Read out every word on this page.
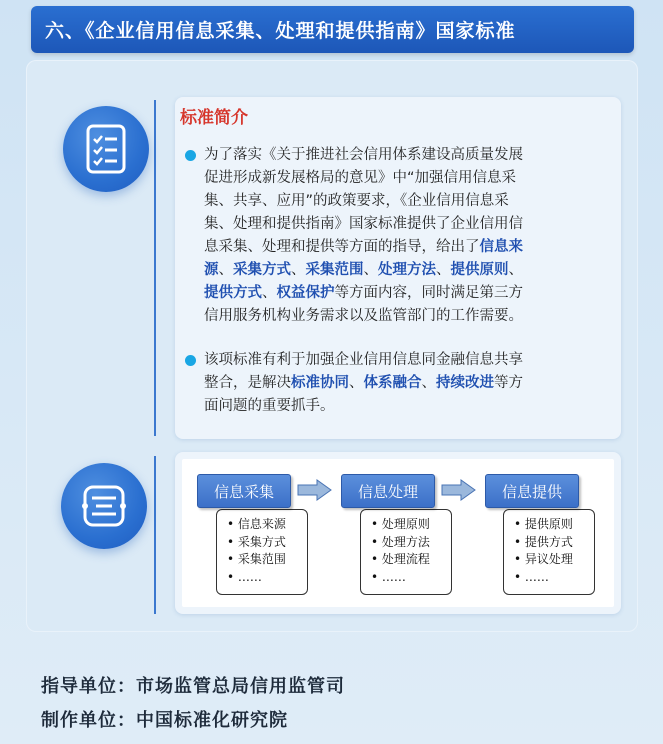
六、《企业信用信息采集、处理和提供指南》国家标准
标准简介
为了落实《关于推进社会信用体系建设高质量发展
促进形成新发展格局的意见》中“加强信用信息采
集、共享、应用”的政策要求，《企业信用信息采
集、处理和提供指南》国家标准提供了企业信用信
息采集、处理和提供等方面的指导，给出了信息来
源、采集方式、采集范围、处理方法、提供原则、
提供方式、权益保护等方面内容，同时满足第三方
信用服务机构业务需求以及监管部门的工作需要。
该项标准有利于加强企业信用信息同金融信息共享
整合，是解决标准协同、体系融合、持续改进等方
面问题的重要抓手。
• 信息来源
• 采集方式
• 采集范围
• ……
信息采集
• 处理原则
• 处理方法
• 处理流程
• ……
信息处理
• 提供原则
• 提供方式
• 异议处理
• ……
信息提供
指导单位：市场监管总局信用监管司
制作单位：中国标准化研究院
